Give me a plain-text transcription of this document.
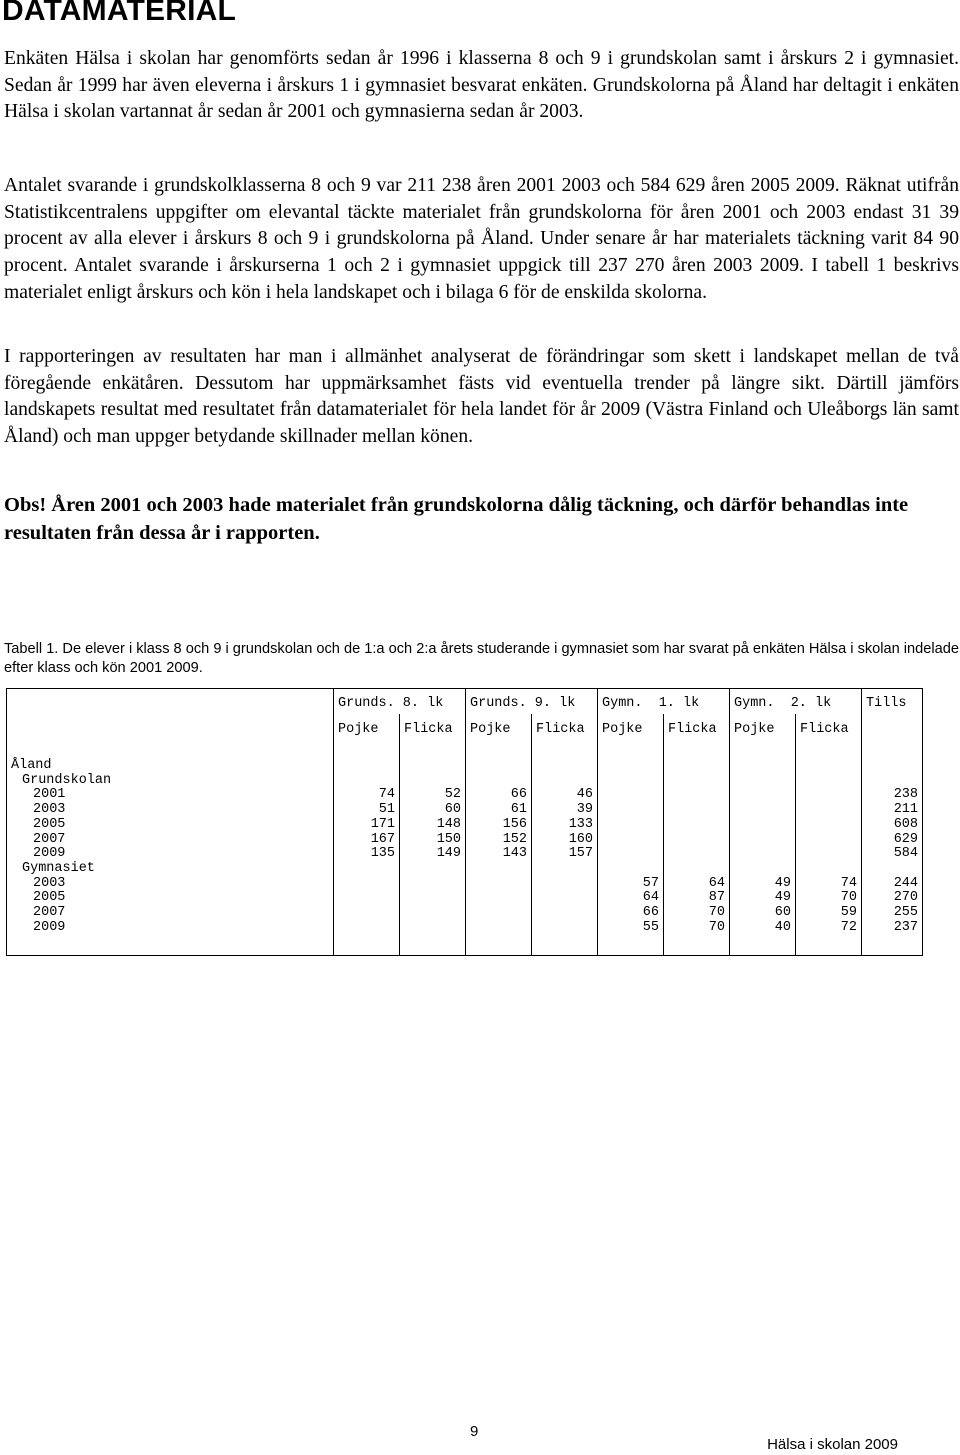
DATAMATERIAL

Enkäten Hälsa i skolan har genomförts sedan år 1996 i klasserna 8 och 9 i grundskolan samt i årskurs 2 i gymnasiet. Sedan år 1999 har även eleverna i årskurs 1 i gymnasiet besvarat enkäten. Grundskolorna på Åland har deltagit i enkäten Hälsa i skolan vartannat år sedan år 2001 och gymnasierna sedan år 2003.

Antalet svarande i grundskolklasserna 8 och 9 var 211 238 åren 2001 2003 och 584 629 åren 2005 2009. Räknat utifrån Statistikcentralens uppgifter om elevantal täckte materialet från grundskolorna för åren 2001 och 2003 endast 31 39 procent av alla elever i årskurs 8 och 9 i grundskolorna på Åland. Under senare år har materialets täckning varit 84 90 procent. Antalet svarande i årskurserna 1 och 2 i gymnasiet uppgick till 237 270 åren 2003 2009. I tabell 1 beskrivs materialet enligt årskurs och kön i hela landskapet och i bilaga 6 för de enskilda skolorna.

I rapporteringen av resultaten har man i allmänhet analyserat de förändringar som skett i landskapet mellan de två föregående enkätåren. Dessutom har uppmärksamhet fästs vid eventuella trender på längre sikt. Därtill jämförs landskapets resultat med resultatet från datamaterialet för hela landet för år 2009 (Västra Finland och Uleåborgs län samt Åland) och man uppger betydande skillnader mellan könen.

Obs! Åren 2001 och 2003 hade materialet från grundskolorna dålig täckning, och därför behandlas inte resultaten från dessa år i rapporten.

Tabell 1. De elever i klass 8 och 9 i grundskolan och de 1:a och 2:a årets studerande i gymnasiet som har svarat på enkäten Hälsa i skolan indelade efter klass och kön 2001 2009.

	Grunds. 8. lk		Grunds. 9. lk		Gymn.  1. lk		Gymn.  2. lk		Tills
	Pojke	Flicka	Pojke	Flicka	Pojke	Flicka	Pojke	Flicka	

Åland									
Grundskolan									
2001	74	52	66	46					238
2003	51	60	61	39					211
2005	171	148	156	133					608
2007	167	150	152	160					629
2009	135	149	143	157					584
Gymnasiet									
2003					57	64	49	74	244
2005					64	87	49	70	270
2007					66	70	60	59	255
2009					55	70	40	72	237

9
Hälsa i skolan 2009
